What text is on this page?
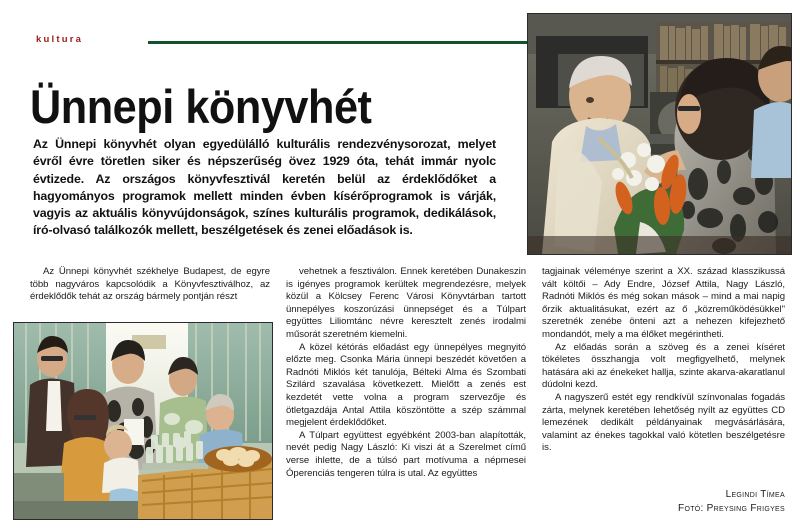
kultura
Ünnepi könyvhét
Az Ünnepi könyvhét olyan egyedülálló kulturális rendezvénysorozat, melyet évről évre töretlen siker és népszerűség övez 1929 óta, tehát immár nyolc évtizede. Az országos könyvfesztivál keretén belül az érdeklődőket a hagyományos programok mellett minden évben kísérőprogramok is várják, vagyis az aktuális könyvújdonságok, színes kulturális programok, dedikálások, író-olvasó találkozók mellett, beszélgetések és zenei előadások is.

Az Ünnepi könyvhét székhelye Budapest, de egyre több nagyváros kapcsolódik a Könyvfesztiválhoz, az érdeklődők tehát az ország bármely pontján részt

vehetnek a fesztiválon. Ennek keretében Dunakeszin is igényes programok kerültek megrendezésre, melyek közül a Kölcsey Ferenc Városi Könyvtárban tartott ünnepélyes koszorúzási ünnepséget és a Túlpart együttes Liliomtánc névre keresztelt zenés irodalmi műsorát szeretném kiemelni.

A közel kétórás előadást egy ünnepélyes megnyitó előzte meg. Csonka Mária ünnepi beszédét követően a Radnóti Miklós két tanulója, Bélteki Alma és Szombati Szilárd szavalása következett. Mielőtt a zenés est kezdetét vette volna a program szervezője és ötletgazdája Antal Attila köszöntötte a szép számmal megjelent érdeklődőket.

A Túlpart együttest egyébként 2003-ban alapították, nevét pedig Nagy László: Ki viszi át a Szerelmet című verse ihlette, de a túlsó part motívuma a népmesei Óperenciás tengeren túlra is utal. Az együttes

tagjainak véleménye szerint a XX. század klasszikussá vált költői – Ady Endre, József Attila, Nagy László, Radnóti Miklós és még sokan mások – mind a mai napig őrzik aktualitásukat, ezért az ő „közreműködésükkel" szeretnék zenébe önteni azt a nehezen kifejezhető mondandót, mely a ma élőket megérintheti.

Az előadás során a szöveg és a zenei kíséret tökéletes összhangja volt megfigyelhető, melynek hatására aki az énekeket hallja, szinte akarva-akaratlanul dúdolni kezd.

A nagyszerű estét egy rendkívül színvonalas fogadás zárta, melynek keretében lehetőség nyílt az együttes CD lemezének dedikált példányainak megvásárlására, valamint az énekes tagokkal való kötetlen beszélgetésre is.

Legindi Tímea
Fotó: Preysing Frigyes
